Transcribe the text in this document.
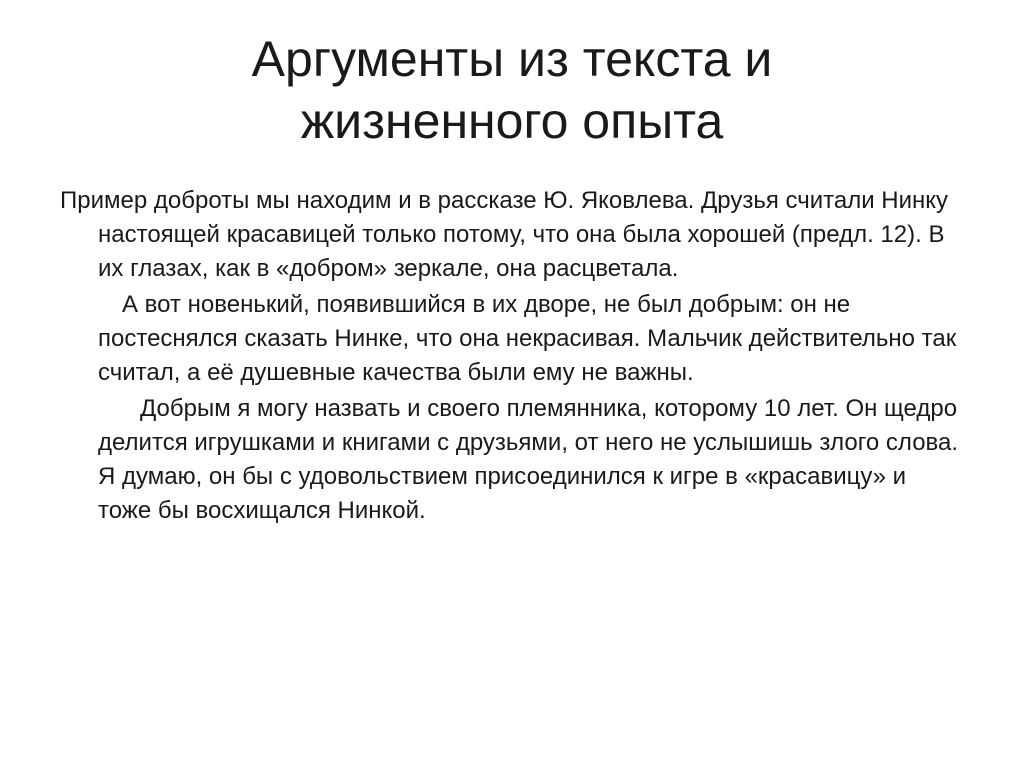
Аргументы из текста и
жизненного опыта

Пример доброты мы находим и в рассказе Ю. Яковлева. Друзья считали Нинку настоящей красавицей только потому, что она была хорошей (предл. 12). В их глазах, как в «добром» зеркале, она расцветала.

А вот новенький, появившийся в их дворе, не был добрым: он не постеснялся сказать Нинке, что она некрасивая. Мальчик действительно так считал, а её душевные качества были ему не важны.

Добрым я могу назвать и своего племянника, которому 10 лет. Он щедро делится игрушками и книгами с друзьями, от него не услышишь злого слова. Я думаю, он бы с удовольствием присоединился к игре в «красавицу» и тоже бы восхищался Нинкой.
